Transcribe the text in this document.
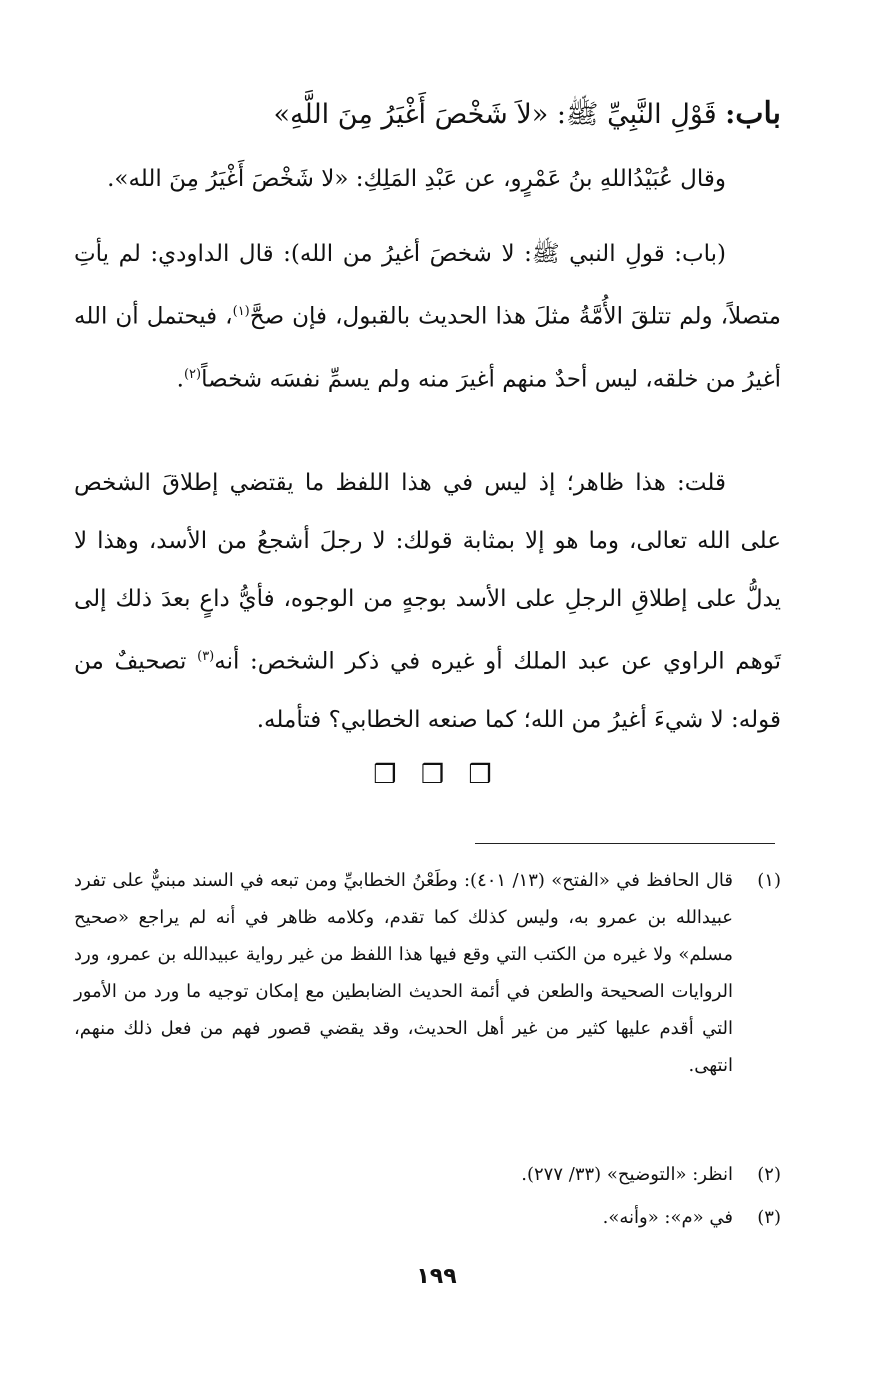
باب: قَوْلِ النَّبِيِّ ﷺ: «لاَ شَخْصَ أَغْيَرُ مِنَ اللَّهِ»
وقال عُبَيْدُاللهِ بنُ عَمْرٍو، عن عَبْدِ المَلِكِ: «لا شَخْصَ أَغْيَرُ مِنَ الله».
(باب: قولِ النبي ﷺ: لا شخصَ أغيرُ من الله): قال الداودي: لم يأتِ متصلاً، ولم تتلقَ الأُمَّةُ مثلَ هذا الحديث بالقبول، فإن صحَّ$^{(١)}$، فيحتمل أن الله أغيرُ من خلقه، ليس أحدٌ منهم أغيرَ منه ولم يسمِّ نفسَه شخصاً$^{(٢)}$.
قلت: هذا ظاهر؛ إذ ليس في هذا اللفظ ما يقتضي إطلاقَ الشخص على الله تعالى، وما هو إلا بمثابة قولك: لا رجلَ أشجعُ من الأسد، وهذا لا يدلُّ على إطلاقِ الرجلِ على الأسد بوجهٍ من الوجوه، فأيُّ داعٍ بعدَ ذلك إلى تَوهم الراوي عن عبد الملك أو غيره في ذكر الشخص: أنه$^{(٣)}$ تصحيفٌ من قوله: لا شيءَ أغيرُ من الله؛ كما صنعه الخطابي؟ فتأمله.
❒ ❒ ❒
(١)
قال الحافظ في «الفتح» (١٣/ ٤٠١): وطَعْنُ الخطابيِّ ومن تبعه في السند مبنيٌّ على تفرد عبيدالله بن عمرو به، وليس كذلك كما تقدم، وكلامه ظاهر في أنه لم يراجع «صحيح مسلم» ولا غيره من الكتب التي وقع فيها هذا اللفظ من غير رواية عبيدالله بن عمرو، ورد الروايات الصحيحة والطعن في أئمة الحديث الضابطين مع إمكان توجيه ما ورد من الأمور التي أقدم عليها كثير من غير أهل الحديث، وقد يقضي قصور فهم من فعل ذلك منهم، انتهى.
(٢)انظر: «التوضيح» (٣٣/ ٢٧٧).
(٣)في «م»: «وأنه».
١٩٩
